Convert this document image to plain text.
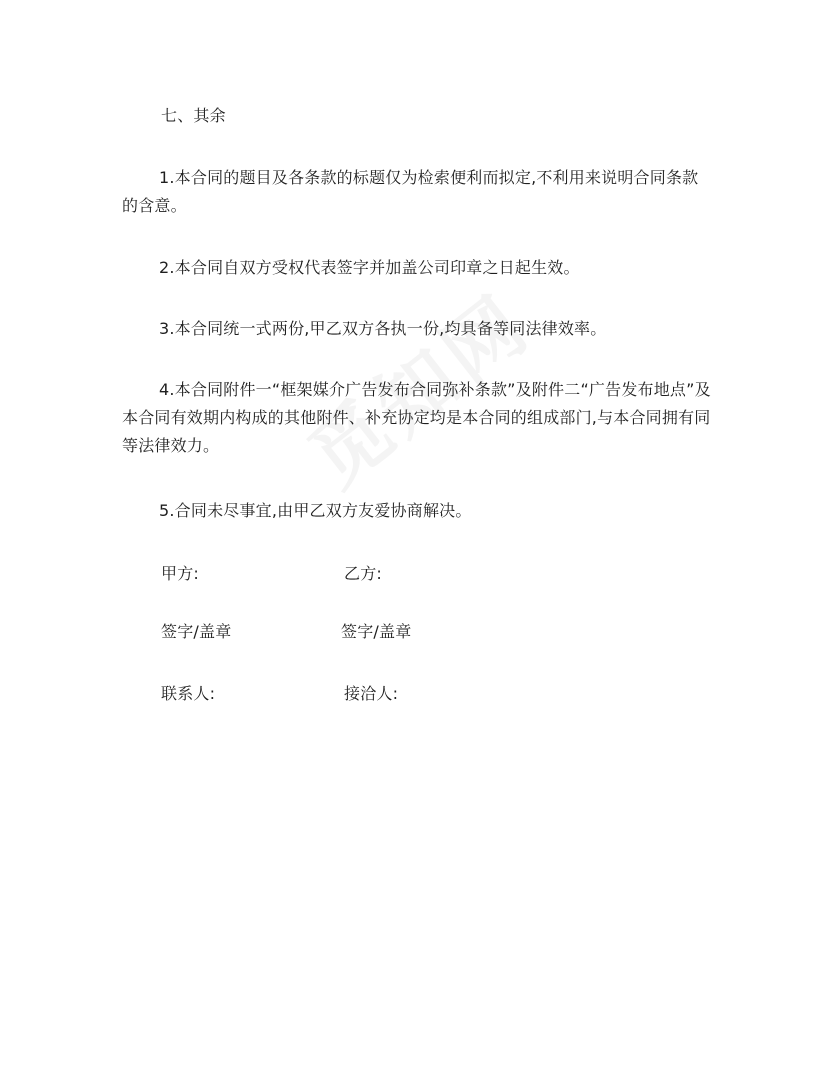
七、其余
1.本合同的题目及各条款的标题仅为检索便利而拟定,不利用来说明合同条款的含意。
2.本合同自双方受权代表签字并加盖公司印章之日起生效。
3.本合同统一式两份,甲乙双方各执一份,均具备等同法律效率。
4.本合同附件一“框架媒介广告发布合同弥补条款”及附件二“广告发布地点”及本合同有效期内构成的其他附件、补充协定均是本合同的组成部门,与本合同拥有同等法律效力。
5.合同未尽事宜,由甲乙双方友爱协商解决。
甲方:	乙方:
签字/盖章	签字/盖章
联系人:	接洽人:
